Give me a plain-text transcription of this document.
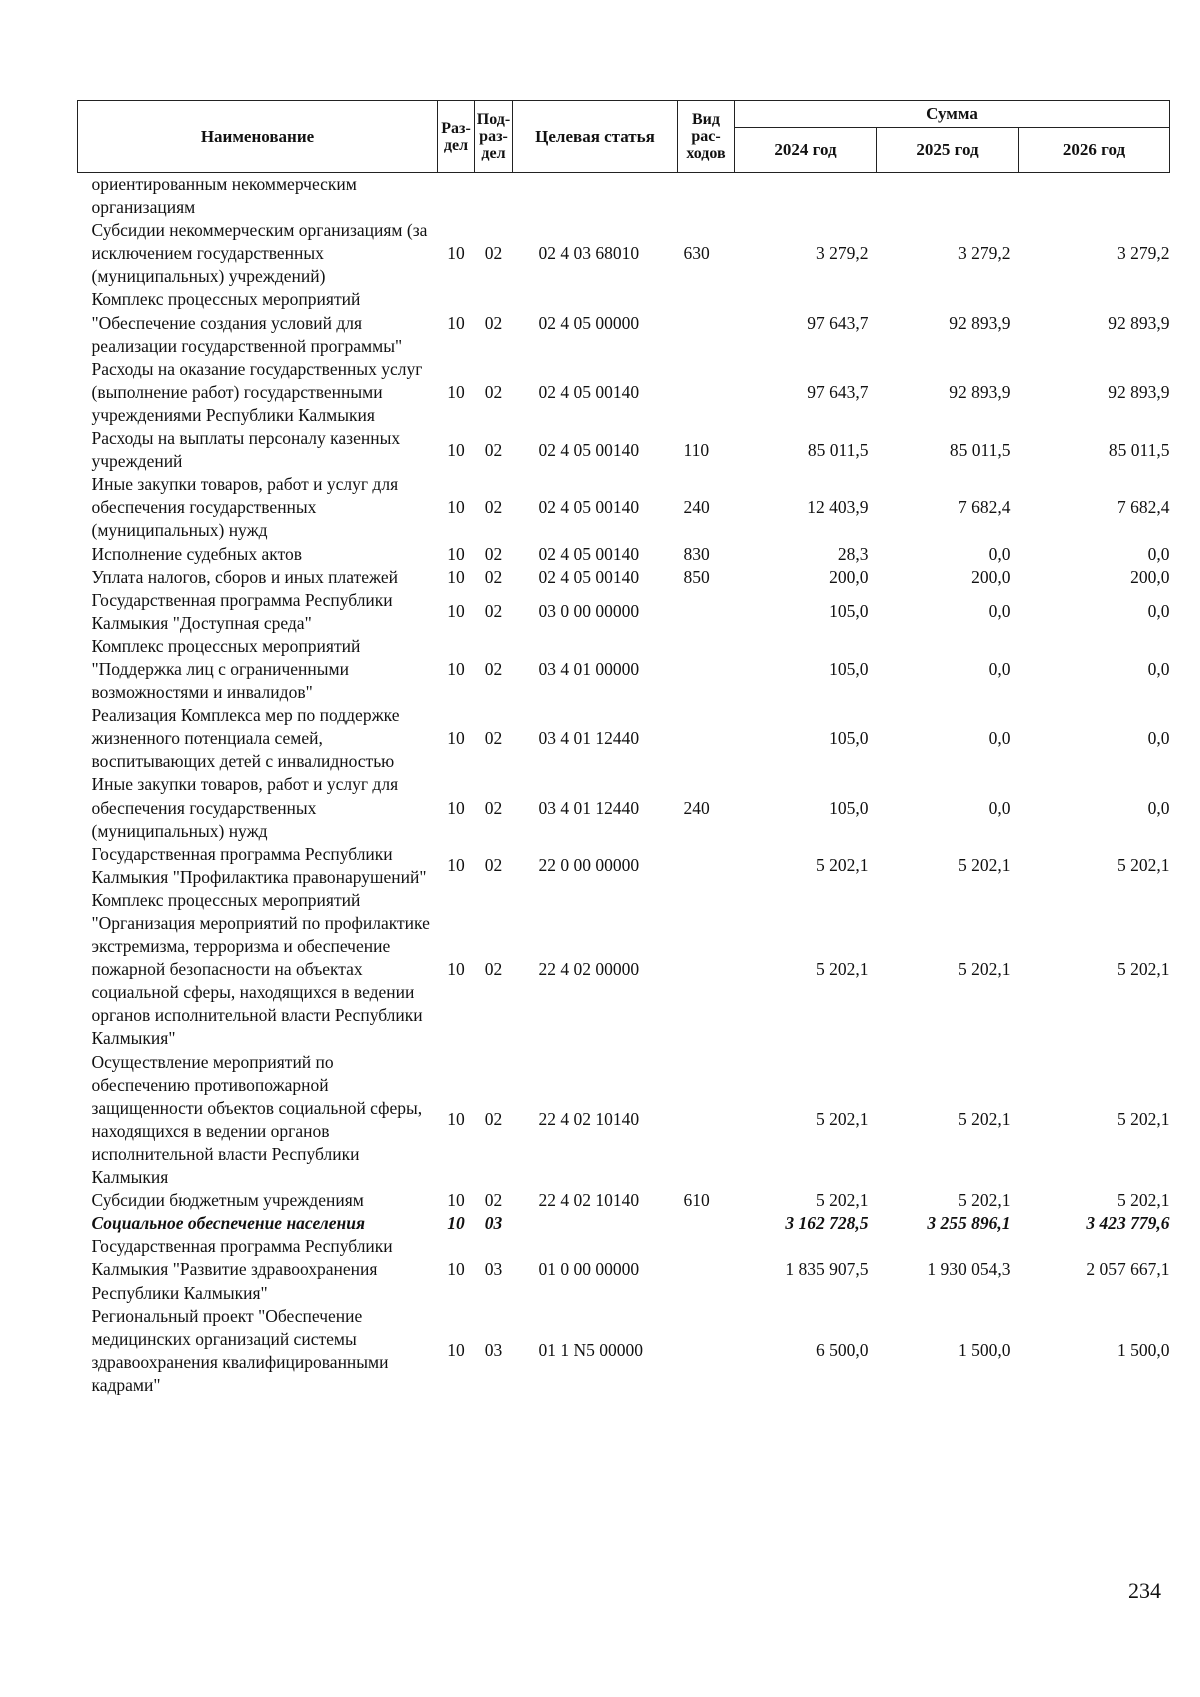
Наименование	Раз-дел	Под-раз-дел	Целевая статья	Вид рас-ходов	Сумма		
					2024 год	2025 год	2026 год
ориентированным некоммерческим организациям							
Субсидии некоммерческим организациям (за исключением государственных (муниципальных) учреждений)	10	02	02 4 03 68010	630	3 279,2	3 279,2	3 279,2
Комплекс процессных мероприятий "Обеспечение создания условий для реализации государственной программы"	10	02	02 4 05 00000		97 643,7	92 893,9	92 893,9
Расходы на оказание государственных услуг (выполнение работ) государственными учреждениями Республики Калмыкия	10	02	02 4 05 00140		97 643,7	92 893,9	92 893,9
Расходы на выплаты персоналу казенных учреждений	10	02	02 4 05 00140	110	85 011,5	85 011,5	85 011,5
Иные закупки товаров, работ и услуг для обеспечения государственных (муниципальных) нужд	10	02	02 4 05 00140	240	12 403,9	7 682,4	7 682,4
Исполнение судебных актов	10	02	02 4 05 00140	830	28,3	0,0	0,0
Уплата налогов, сборов и иных платежей	10	02	02 4 05 00140	850	200,0	200,0	200,0
Государственная программа Республики Калмыкия "Доступная среда"	10	02	03 0 00 00000		105,0	0,0	0,0
Комплекс процессных мероприятий "Поддержка лиц с ограниченными возможностями и инвалидов"	10	02	03 4 01 00000		105,0	0,0	0,0
Реализация Комплекса мер по поддержке жизненного потенциала семей, воспитывающих детей с инвалидностью	10	02	03 4 01 12440		105,0	0,0	0,0
Иные закупки товаров, работ и услуг для обеспечения государственных (муниципальных) нужд	10	02	03 4 01 12440	240	105,0	0,0	0,0
Государственная программа Республики Калмыкия "Профилактика правонарушений"	10	02	22 0 00 00000		5 202,1	5 202,1	5 202,1
Комплекс процессных мероприятий "Организация мероприятий по профилактике экстремизма, терроризма и обеспечение пожарной безопасности на объектах социальной сферы, находящихся в ведении органов исполнительной власти Республики Калмыкия"	10	02	22 4 02 00000		5 202,1	5 202,1	5 202,1
Осуществление мероприятий по обеспечению противопожарной защищенности объектов социальной сферы, находящихся в ведении органов исполнительной власти Республики Калмыкия	10	02	22 4 02 10140		5 202,1	5 202,1	5 202,1
Субсидии бюджетным учреждениям	10	02	22 4 02 10140	610	5 202,1	5 202,1	5 202,1
Социальное обеспечение населения	10	03			3 162 728,5	3 255 896,1	3 423 779,6
Государственная программа Республики Калмыкия "Развитие здравоохранения Республики Калмыкия"	10	03	01 0 00 00000		1 835 907,5	1 930 054,3	2 057 667,1
Региональный проект "Обеспечение медицинских организаций системы здравоохранения квалифицированными кадрами"	10	03	01 1 N5 00000		6 500,0	1 500,0	1 500,0
234
